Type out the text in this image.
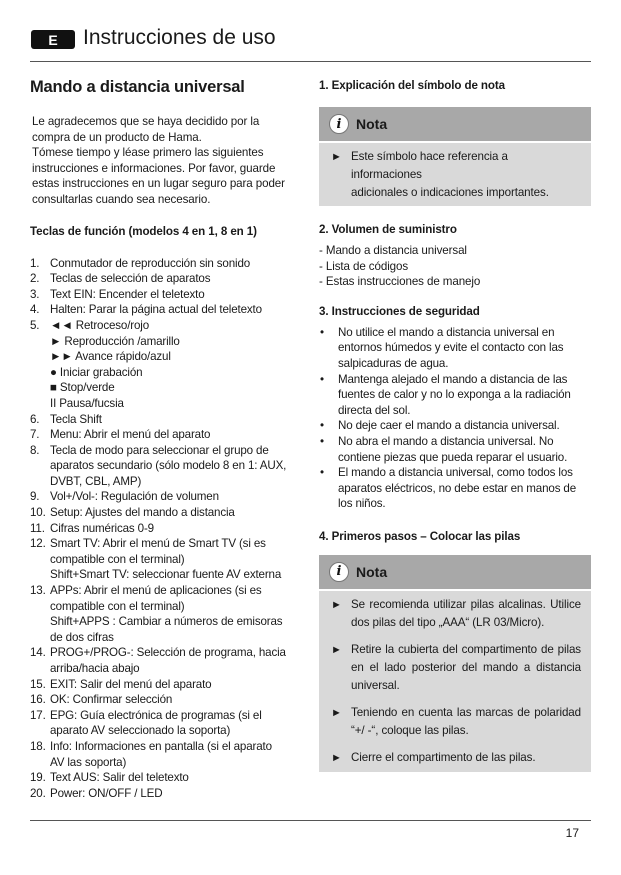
E	Instrucciones de uso
Mando a distancia universal
Le agradecemos que se haya decidido por la
compra de un producto de Hama.
Tómese tiempo y léase primero las siguientes
instrucciones e informaciones. Por favor, guarde
estas instrucciones en un lugar seguro para poder
consultarlas cuando sea necesario.
Teclas de función (modelos 4 en 1, 8 en 1)
1. Conmutador de reproducción sin sonido
2. Teclas de selección de aparatos
3. Text EIN: Encender el teletexto
4. Halten: Parar la página actual del teletexto
5. ◄◄ Retroceso/rojo
► Reproducción /amarillo
►► Avance rápido/azul
● Iniciar grabación
■ Stop/verde
II Pausa/fucsia
6. Tecla Shift
7. Menu: Abrir el menú del aparato
8. Tecla de modo para seleccionar el grupo de
aparatos secundario (sólo modelo 8 en 1: AUX,
DVBT, CBL, AMP)
9. Vol+/Vol-: Regulación de volumen
10. Setup: Ajustes del mando a distancia
11. Cifras numéricas 0-9
12. Smart TV: Abrir el menú de Smart TV (si es
compatible con el terminal)
Shift+Smart TV: seleccionar fuente AV externa
13. APPs: Abrir el menú de aplicaciones (si es
compatible con el terminal)
Shift+APPS : Cambiar a números de emisoras
de dos cifras
14. PROG+/PROG-: Selección de programa, hacia
arriba/hacia abajo
15. EXIT: Salir del menú del aparato
16. OK: Confirmar selección
17. EPG: Guía electrónica de programas (si el
aparato AV seleccionado la soporta)
18. Info: Informaciones en pantalla (si el aparato
AV las soporta)
19. Text AUS: Salir del teletexto
20. Power: ON/OFF / LED
1. Explicación del símbolo de nota
i	Nota
► Este símbolo hace referencia a informaciones
adicionales o indicaciones importantes.
2. Volumen de suministro
- Mando a distancia universal
- Lista de códigos
- Estas instrucciones de manejo
3. Instrucciones de seguridad
• No utilice el mando a distancia universal en
entornos húmedos y evite el contacto con las
salpicaduras de agua.
• Mantenga alejado el mando a distancia de las
fuentes de calor y no lo exponga a la radiación
directa del sol.
• No deje caer el mando a distancia universal.
• No abra el mando a distancia universal. No
contiene piezas que pueda reparar el usuario.
• El mando a distancia universal, como todos los
aparatos eléctricos, no debe estar en manos de
los niños.
4. Primeros pasos – Colocar las pilas
i	Nota
► Se recomienda utilizar pilas alcalinas. Utilice dos pilas del tipo „AAA“ (LR 03/Micro).
► Retire la cubierta del compartimento de pilas en el lado posterior del mando a distancia universal.
► Teniendo en cuenta las marcas de polaridad “+/ -“, coloque las pilas.
► Cierre el compartimento de las pilas.
17
